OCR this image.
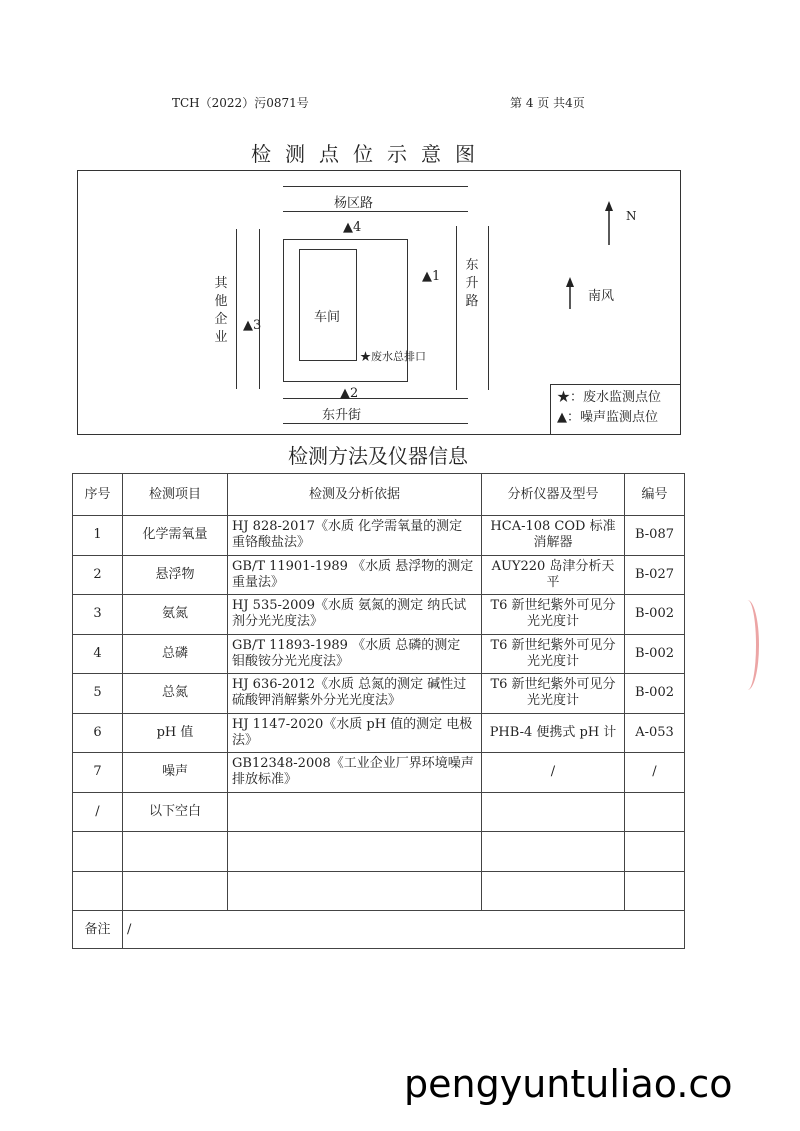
TCH（2022）污0871号	第 4 页 共4页
检测点位示意图
杨区路
▲4
▲2
东升街
其他企业
▲3
东升路
▲1
车间
★废水总排口
N
南风
★：废水监测点位
▲：噪声监测点位
检测方法及仪器信息
序号	检测项目	检测及分析依据	分析仪器及型号	编号
1	化学需氧量	HJ 828-2017《水质 化学需氧量的测定 重铬酸盐法》	HCA-108 COD 标准消解器	B-087
2	悬浮物	GB/T 11901-1989 《水质 悬浮物的测定 重量法》	AUY220 岛津分析天平	B-027
3	氨氮	HJ 535-2009《水质 氨氮的测定 纳氏试剂分光光度法》	T6 新世纪紫外可见分光光度计	B-002
4	总磷	GB/T 11893-1989 《水质 总磷的测定 钼酸铵分光光度法》	T6 新世纪紫外可见分光光度计	B-002
5	总氮	HJ 636-2012《水质 总氮的测定 碱性过硫酸钾消解紫外分光光度法》	T6 新世纪紫外可见分光光度计	B-002
6	pH 值	HJ 1147-2020《水质 pH 值的测定 电极法》	PHB-4 便携式 pH 计	A-053
7	噪声	GB12348-2008《工业企业厂界环境噪声排放标准》	/	/
/	以下空白			

备注	/			
pengyuntuliao.co
